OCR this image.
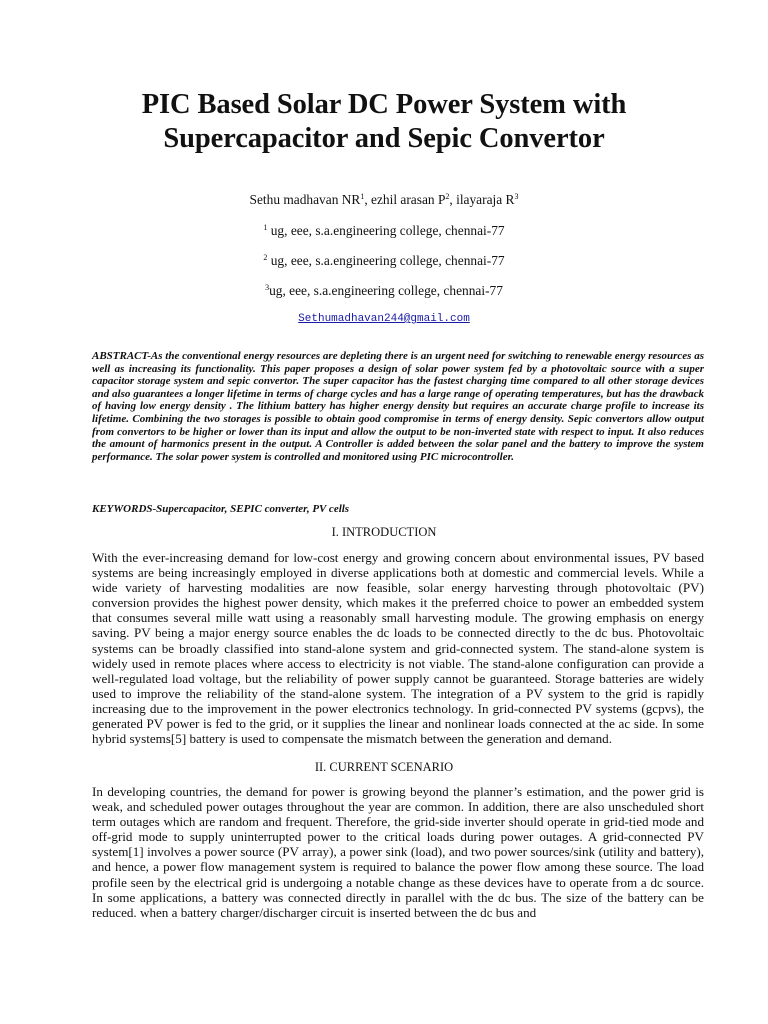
PIC Based Solar DC Power System with
Supercapacitor and Sepic Convertor
Sethu madhavan $NR^1$, ezhil arasan $P^2$, ilayaraja $R^3$
$^1$ ug, eee, s.a.engineering college, chennai-77
$^2$ ug, eee, s.a.engineering college, chennai-77
$^3$ug, eee, s.a.engineering college, chennai-77
Sethumadhavan244@gmail.com
ABSTRACT-As the conventional energy resources are depleting there is an urgent need for switching to renewable energy resources as well as increasing its functionality. This paper proposes a design of solar power system fed by a photovoltaic source with a super capacitor storage system and sepic convertor. The super capacitor has the fastest charging time compared to all other storage devices and also guarantees a longer lifetime in terms of charge cycles and has a large range of operating temperatures, but has the drawback of having low energy density . The lithium battery has higher energy density but requires an accurate charge profile to increase its lifetime. Combining the two storages is possible to obtain good compromise in terms of energy density. Sepic convertors allow output from convertors to be higher or lower than its input and allow the output to be non-inverted state with respect to input. It also reduces the amount of harmonics present in the output. A Controller is added between the solar panel and the battery to improve the system performance. The solar power system is controlled and monitored using PIC microcontroller.
KEYWORDS-Supercapacitor, SEPIC converter, PV cells
I. INTRODUCTION
With the ever-increasing demand for low-cost energy and growing concern about environmental issues, PV based systems are being increasingly employed in diverse applications both at domestic and commercial levels. While a wide variety of harvesting modalities are now feasible, solar energy harvesting through photovoltaic (PV) conversion provides the highest power density, which makes it the preferred choice to power an embedded system that consumes several mille watt using a reasonably small harvesting module. The growing emphasis on energy saving. PV being a major energy source enables the dc loads to be connected directly to the dc bus. Photovoltaic systems can be broadly classified into stand-alone system and grid-connected system. The stand-alone system is widely used in remote places where access to electricity is not viable. The stand-alone configuration can provide a well-regulated load voltage, but the reliability of power supply cannot be guaranteed. Storage batteries are widely used to improve the reliability of the stand-alone system. The integration of a PV system to the grid is rapidly increasing due to the improvement in the power electronics technology. In grid-connected PV systems (gcpvs), the generated PV power is fed to the grid, or it supplies the linear and nonlinear loads connected at the ac side. In some hybrid systems[5] battery is used to compensate the mismatch between the generation and demand.
II. CURRENT SCENARIO
In developing countries, the demand for power is growing beyond the planner’s estimation, and the power grid is weak, and scheduled power outages throughout the year are common. In addition, there are also unscheduled short term outages which are random and frequent. Therefore, the grid-side inverter should operate in grid-tied mode and off-grid mode to supply uninterrupted power to the critical loads during power outages. A grid-connected PV system[1] involves a power source (PV array), a power sink (load), and two power sources/sink (utility and battery), and hence, a power flow management system is required to balance the power flow among these source. The load profile seen by the electrical grid is undergoing a notable change as these devices have to operate from a dc source. In some applications, a battery was connected directly in parallel with the dc bus. The size of the battery can be reduced. when a battery charger/discharger circuit is inserted between the dc bus and
